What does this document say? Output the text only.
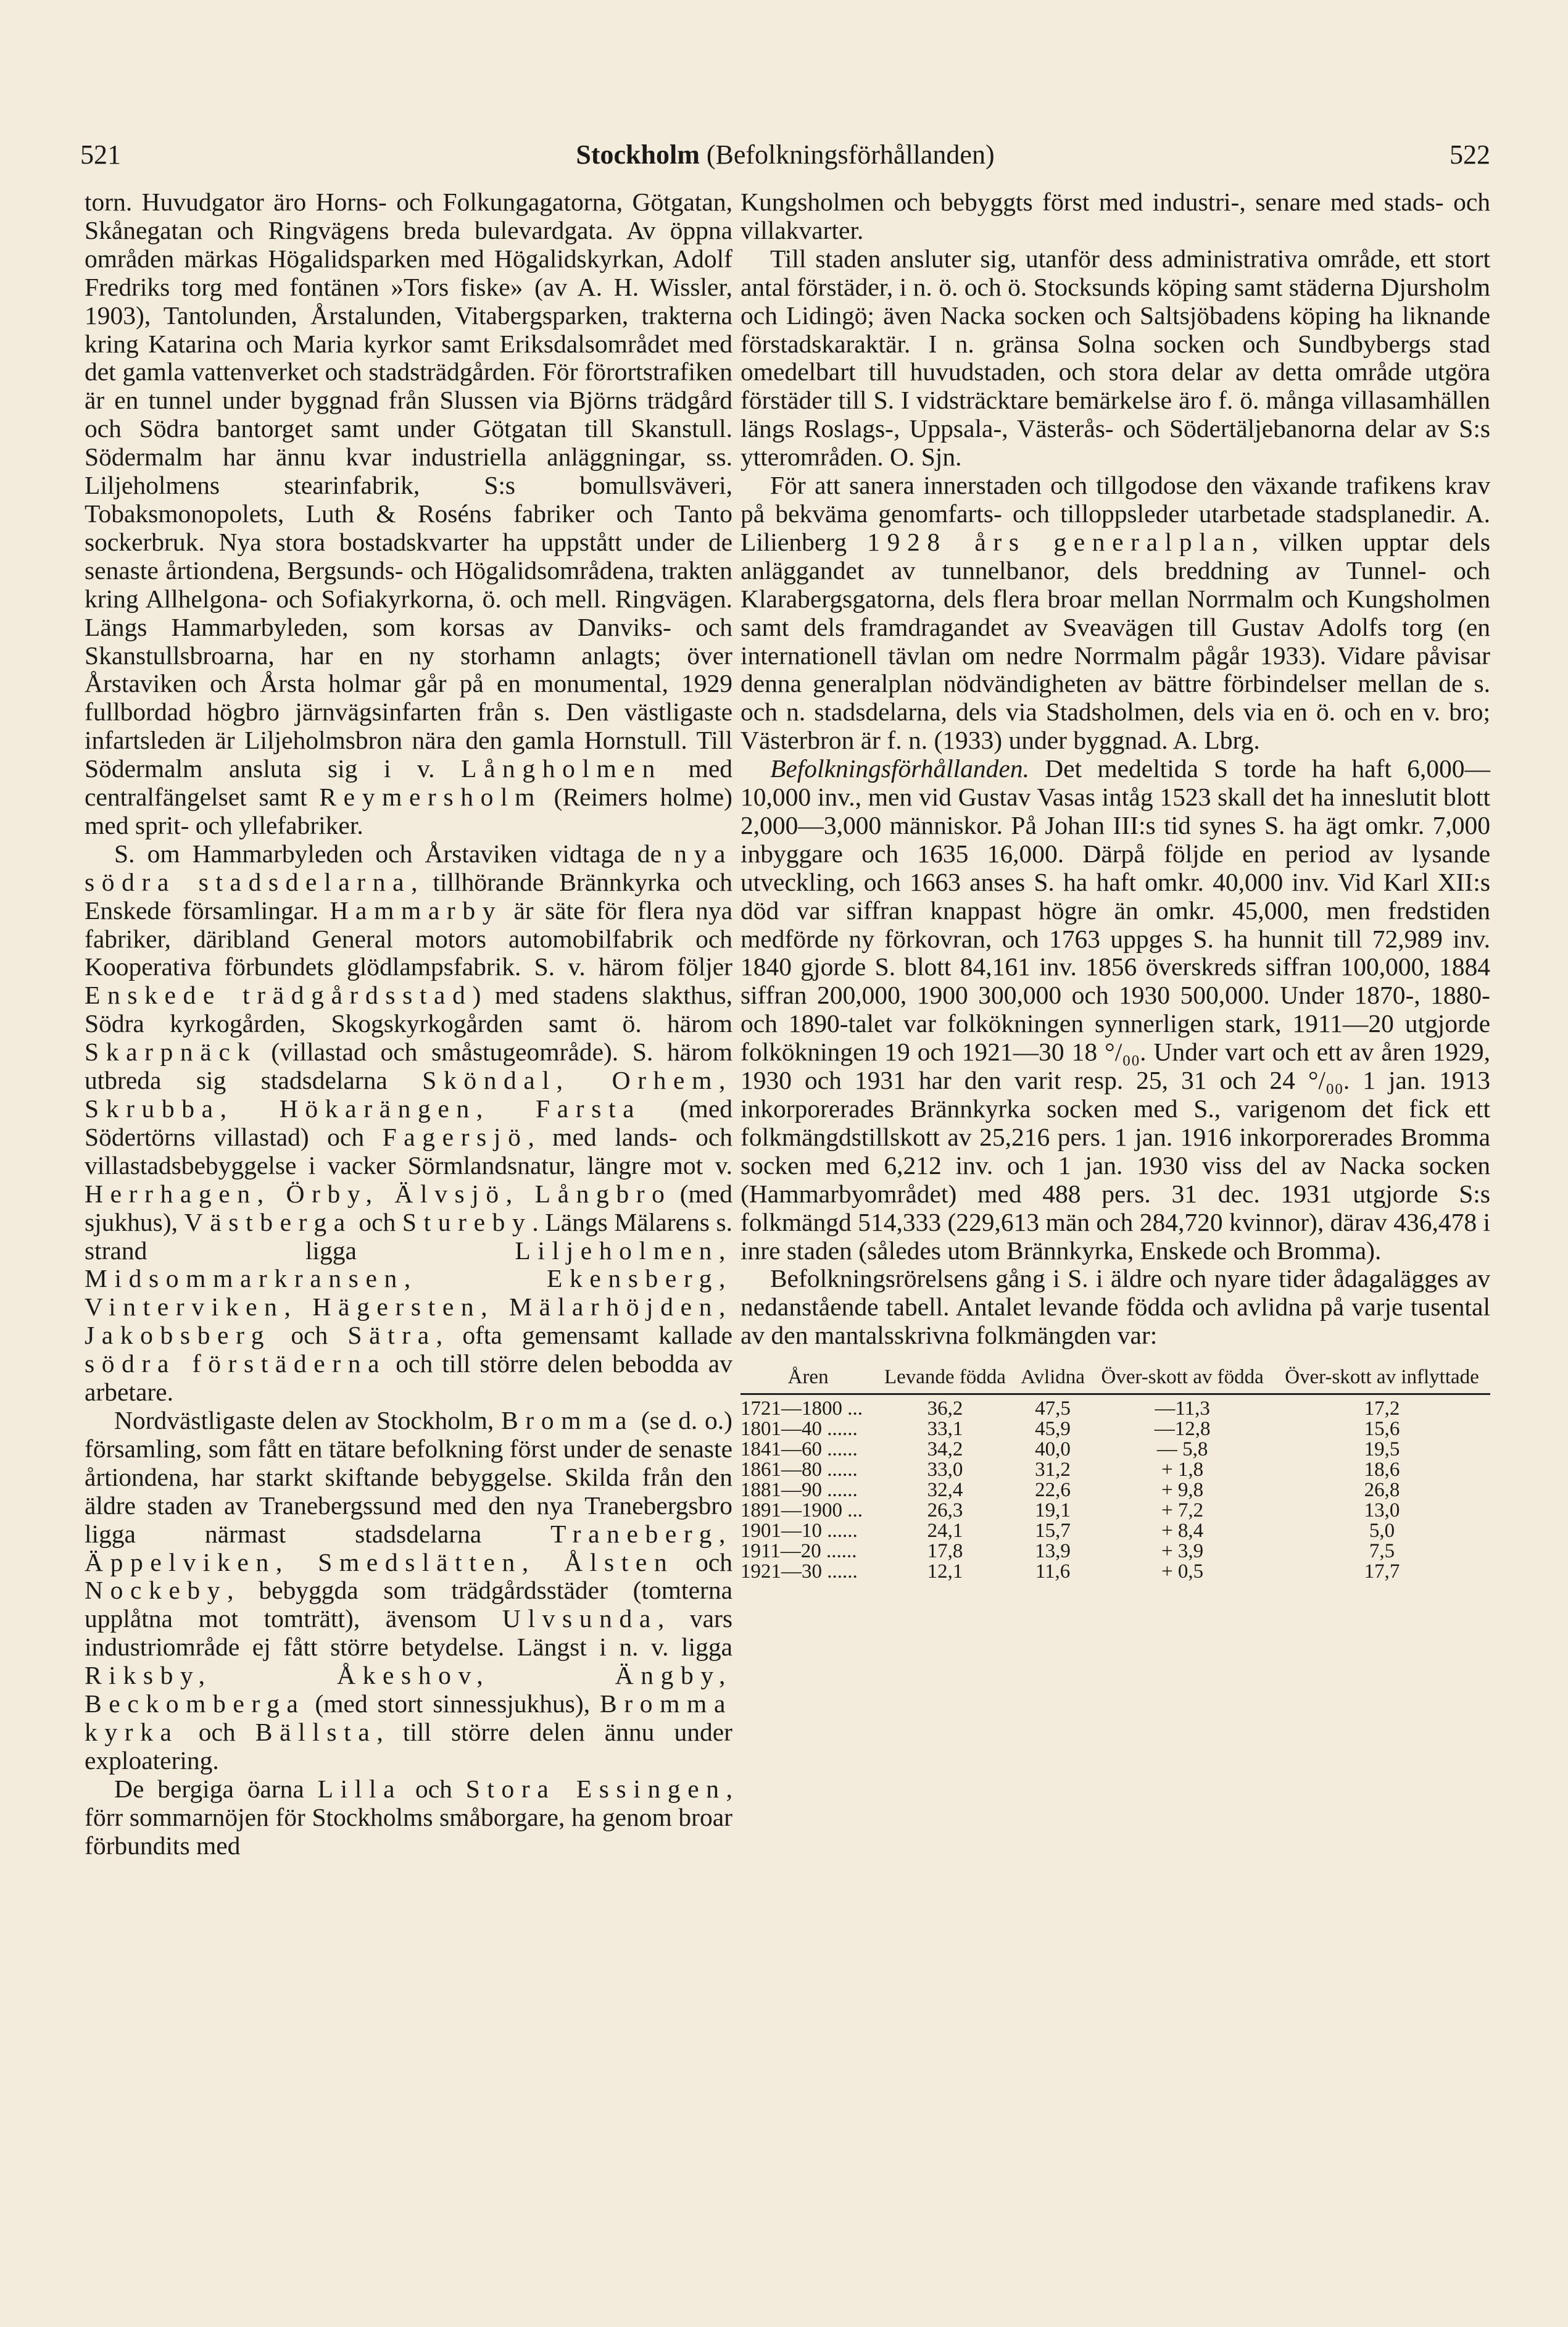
521	Stockholm (Befolkningsförhållanden)	522

torn. Huvudgator äro Horns- och Folkungagatorna, Götgatan, Skånegatan och Ringvägens breda bulevardgata. Av öppna områden märkas Högalidsparken med Högalidskyrkan, Adolf Fredriks torg med fontänen »Tors fiske» (av A. H. Wissler, 1903), Tantolunden, Årstalunden, Vitabergsparken, trakterna kring Katarina och Maria kyrkor samt Eriksdalsområdet med det gamla vattenverket och stadsträdgården. För förortstrafiken är en tunnel under byggnad från Slussen via Björns trädgård och Södra bantorget samt under Götgatan till Skanstull. Södermalm har ännu kvar industriella anläggningar, ss. Liljeholmens stearinfabrik, S:s bomullsväveri, Tobaksmonopolets, Luth & Roséns fabriker och Tanto sockerbruk. Nya stora bostadskvarter ha uppstått under de senaste årtiondena, Bergsunds- och Högalidsområdena, trakten kring Allhelgona- och Sofiakyrkorna, ö. och mell. Ringvägen. Längs Hammarbyleden, som korsas av Danviks- och Skanstullsbroarna, har en ny storhamn anlagts; över Årstaviken och Årsta holmar går på en monumental, 1929 fullbordad högbro järnvägsinfarten från s. Den västligaste infartsleden är Liljeholmsbron nära den gamla Hornstull. Till Södermalm ansluta sig i v. Långholmen med centralfängelset samt Reymersholm (Reimers holme) med sprit- och yllefabriker.

S. om Hammarbyleden och Årstaviken vidtaga de nya södra stadsdelarna, tillhörande Brännkyrka och Enskede församlingar. Hammarby är säte för flera nya fabriker, däribland General motors automobilfabrik och Kooperativa förbundets glödlampsfabrik. S. v. härom följer Enskede trädgårdsstad) med stadens slakthus, Södra kyrkogården, Skogskyrkogården samt ö. härom Skarpnäck (villastad och småstugeområde). S. härom utbreda sig stadsdelarna Sköndal, Orhem, Skrubba, Hökarängen, Farsta (med Södertörns villastad) och Fagersjö, med lands- och villastadsbebyggelse i vacker Sörmlandsnatur, längre mot v. Herrhagen, Örby, Älvsjö, Långbro (med sjukhus), Västberga och Stureby. Längs Mälarens s. strand ligga Liljeholmen, Midsommarkransen, Ekensberg, Vinterviken, Hägersten, Mälarhöjden, Jakobsberg och Sätra, ofta gemensamt kallade södra förstäderna och till större delen bebodda av arbetare.

Nordvästligaste delen av Stockholm, Bromma (se d. o.) församling, som fått en tätare befolkning först under de senaste årtiondena, har starkt skiftande bebyggelse. Skilda från den äldre staden av Tranebergssund med den nya Tranebergsbro ligga närmast stadsdelarna Traneberg, Äppelviken, Smedslätten, Ålsten och Nockeby, bebyggda som trädgårdsstäder (tomterna upplåtna mot tomträtt), ävensom Ulvsunda, vars industriområde ej fått större betydelse. Längst i n. v. ligga Riksby, Åkeshov, Ängby, Beckomberga (med stort sinnessjukhus), Bromma kyrka och Bällsta, till större delen ännu under exploatering.

De bergiga öarna Lilla och Stora Essingen, förr sommarnöjen för Stockholms småborgare, ha genom broar förbundits med

Kungsholmen och bebyggts först med industri-, senare med stads- och villakvarter.

Till staden ansluter sig, utanför dess administrativa område, ett stort antal förstäder, i n. ö. och ö. Stocksunds köping samt städerna Djursholm och Lidingö; även Nacka socken och Saltsjöbadens köping ha liknande förstadskaraktär. I n. gränsa Solna socken och Sundbybergs stad omedelbart till huvudstaden, och stora delar av detta område utgöra förstäder till S. I vidsträcktare bemärkelse äro f. ö. många villasamhällen längs Roslags-, Uppsala-, Västerås- och Södertäljebanorna delar av S:s ytterområden. O. Sjn.

För att sanera innerstaden och tillgodose den växande trafikens krav på bekväma genomfarts- och tilloppsleder utarbetade stadsplanedir. A. Lilienberg 1928 års generalplan, vilken upptar dels anläggandet av tunnelbanor, dels breddning av Tunnel- och Klarabergsgatorna, dels flera broar mellan Norrmalm och Kungsholmen samt dels framdragandet av Sveavägen till Gustav Adolfs torg (en internationell tävlan om nedre Norrmalm pågår 1933). Vidare påvisar denna generalplan nödvändigheten av bättre förbindelser mellan de s. och n. stadsdelarna, dels via Stadsholmen, dels via en ö. och en v. bro; Västerbron är f. n. (1933) under byggnad. A. Lbrg.

Befolkningsförhållanden. Det medeltida S torde ha haft 6,000—10,000 inv., men vid Gustav Vasas intåg 1523 skall det ha inneslutit blott 2,000—3,000 människor. På Johan III:s tid synes S. ha ägt omkr. 7,000 inbyggare och 1635 16,000. Därpå följde en period av lysande utveckling, och 1663 anses S. ha haft omkr. 40,000 inv. Vid Karl XII:s död var siffran knappast högre än omkr. 45,000, men fredstiden medförde ny förkovran, och 1763 uppges S. ha hunnit till 72,989 inv. 1840 gjorde S. blott 84,161 inv. 1856 överskreds siffran 100,000, 1884 siffran 200,000, 1900 300,000 och 1930 500,000. Under 1870-, 1880- och 1890-talet var folkökningen synnerligen stark, 1911—20 utgjorde folkökningen 19 och 1921—30 18 °/₀₀. Under vart och ett av åren 1929, 1930 och 1931 har den varit resp. 25, 31 och 24 °/₀₀. 1 jan. 1913 inkorporerades Brännkyrka socken med S., varigenom det fick ett folkmängdstillskott av 25,216 pers. 1 jan. 1916 inkorporerades Bromma socken med 6,212 inv. och 1 jan. 1930 viss del av Nacka socken (Hammarbyområdet) med 488 pers. 31 dec. 1931 utgjorde S:s folkmängd 514,333 (229,613 män och 284,720 kvinnor), därav 436,478 i inre staden (således utom Brännkyrka, Enskede och Bromma).

Befolkningsrörelsens gång i S. i äldre och nyare tider ådagalägges av nedanstående tabell. Antalet levande födda och avlidna på varje tusental av den mantalsskrivna folkmängden var:

Åren	Levande födda	Avlidna	Över-skott av födda	Över-skott av inflyttade
1721—1800 ...	36,2	47,5	—11,3	17,2
1801—40 ......	33,1	45,9	—12,8	15,6
1841—60 ......	34,2	40,0	— 5,8	19,5
1861—80 ......	33,0	31,2	+ 1,8	18,6
1881—90 ......	32,4	22,6	+ 9,8	26,8
1891—1900 ...	26,3	19,1	+ 7,2	13,0
1901—10 ......	24,1	15,7	+ 8,4	5,0
1911—20 ......	17,8	13,9	+ 3,9	7,5
1921—30 ......	12,1	11,6	+ 0,5	17,7
